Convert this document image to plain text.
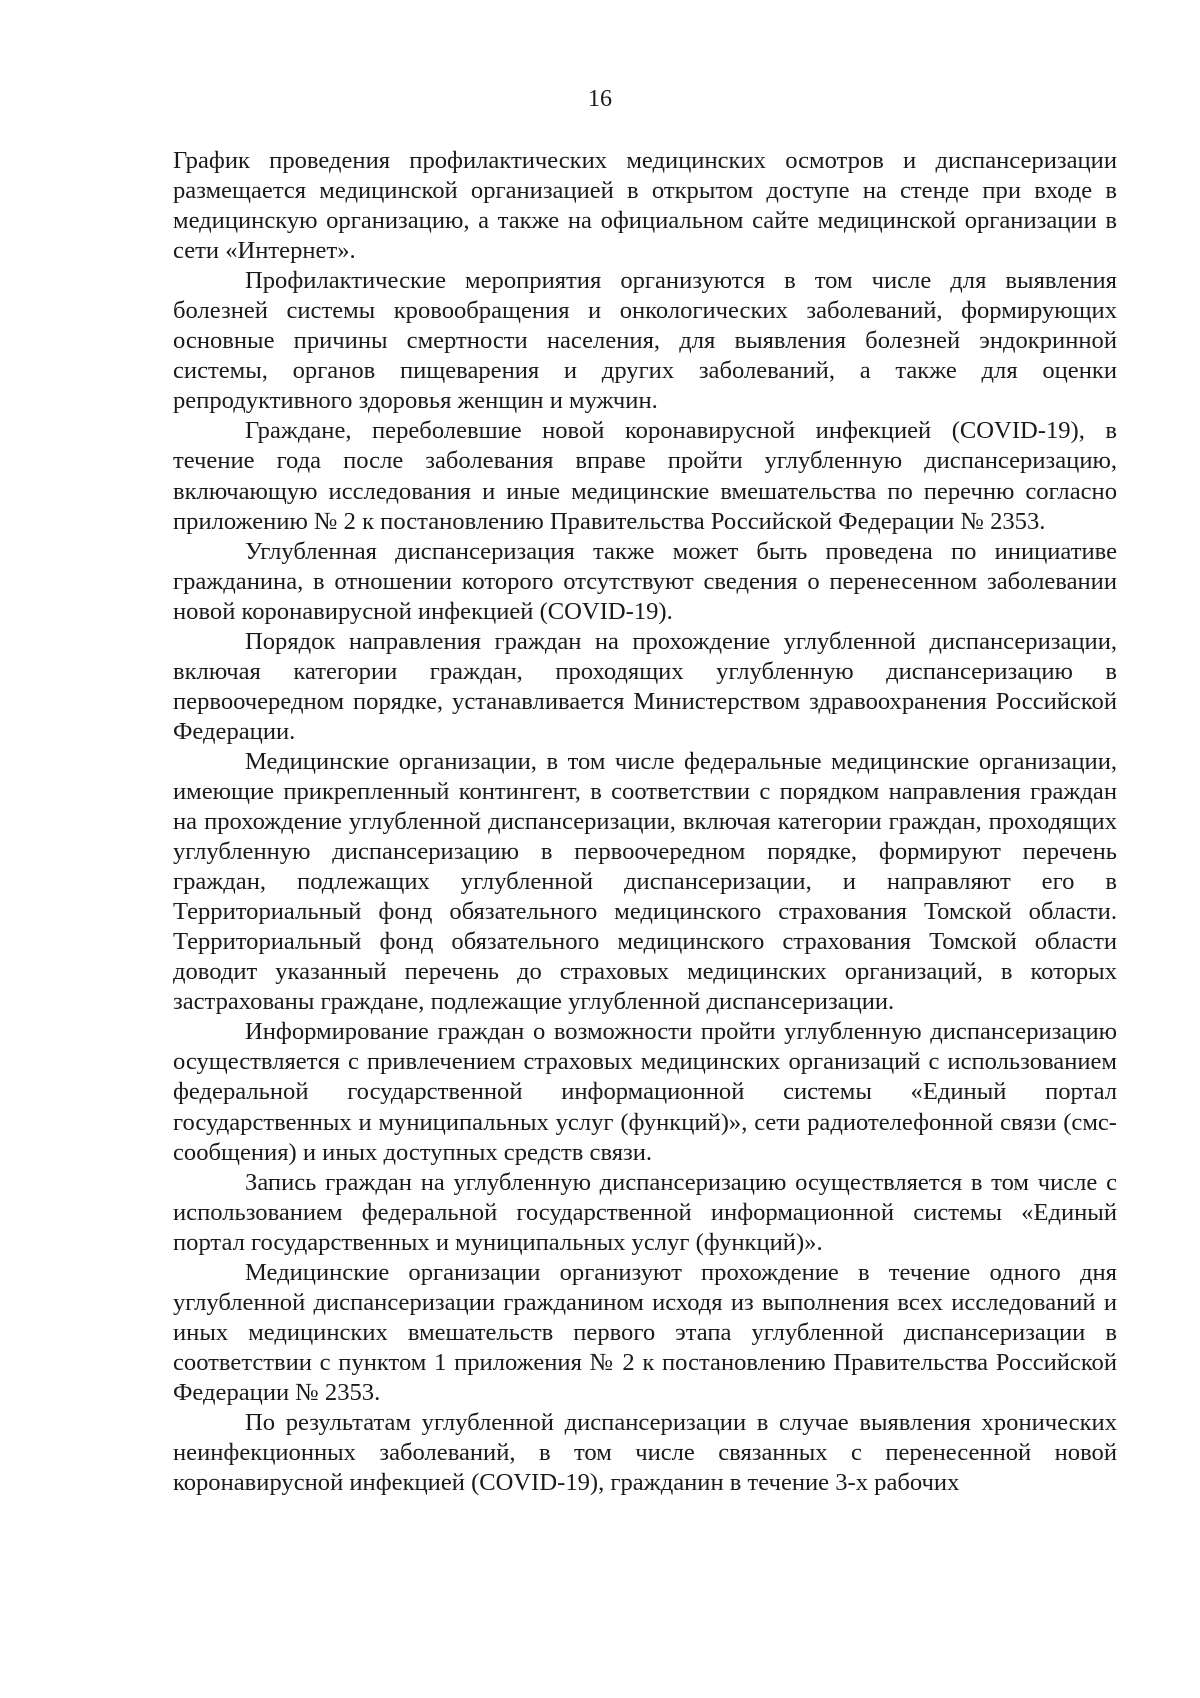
16

График проведения профилактических медицинских осмотров и диспансеризации размещается медицинской организацией в открытом доступе на стенде при входе в медицинскую организацию, а также на официальном сайте медицинской организации в сети «Интернет».

Профилактические мероприятия организуются в том числе для выявления болезней системы кровообращения и онкологических заболеваний, формирующих основные причины смертности населения, для выявления болезней эндокринной системы, органов пищеварения и других заболеваний, а также для оценки репродуктивного здоровья женщин и мужчин.

Граждане, переболевшие новой коронавирусной инфекцией (COVID-19), в течение года после заболевания вправе пройти углубленную диспансеризацию, включающую исследования и иные медицинские вмешательства по перечню согласно приложению № 2 к постановлению Правительства Российской Федерации № 2353.

Углубленная диспансеризация также может быть проведена по инициативе гражданина, в отношении которого отсутствуют сведения о перенесенном заболевании новой коронавирусной инфекцией (COVID-19).

Порядок направления граждан на прохождение углубленной диспансеризации, включая категории граждан, проходящих углубленную диспансеризацию в первоочередном порядке, устанавливается Министерством здравоохранения Российской Федерации.

Медицинские организации, в том числе федеральные медицинские организации, имеющие прикрепленный контингент, в соответствии с порядком направления граждан на прохождение углубленной диспансеризации, включая категории граждан, проходящих углубленную диспансеризацию в первоочередном порядке, формируют перечень граждан, подлежащих углубленной диспансеризации, и направляют его в Территориальный фонд обязательного медицинского страхования Томской области. Территориальный фонд обязательного медицинского страхования Томской области доводит указанный перечень до страховых медицинских организаций, в которых застрахованы граждане, подлежащие углубленной диспансеризации.

Информирование граждан о возможности пройти углубленную диспансеризацию осуществляется с привлечением страховых медицинских организаций с использованием федеральной государственной информационной системы «Единый портал государственных и муниципальных услуг (функций)», сети радиотелефонной связи (смс-сообщения) и иных доступных средств связи.

Запись граждан на углубленную диспансеризацию осуществляется в том числе с использованием федеральной государственной информационной системы «Единый портал государственных и муниципальных услуг (функций)».

Медицинские организации организуют прохождение в течение одного дня углубленной диспансеризации гражданином исходя из выполнения всех исследований и иных медицинских вмешательств первого этапа углубленной диспансеризации в соответствии с пунктом 1 приложения № 2 к постановлению Правительства Российской Федерации № 2353.

По результатам углубленной диспансеризации в случае выявления хронических неинфекционных заболеваний, в том числе связанных с перенесенной новой коронавирусной инфекцией (COVID-19), гражданин в течение 3-х рабочих
